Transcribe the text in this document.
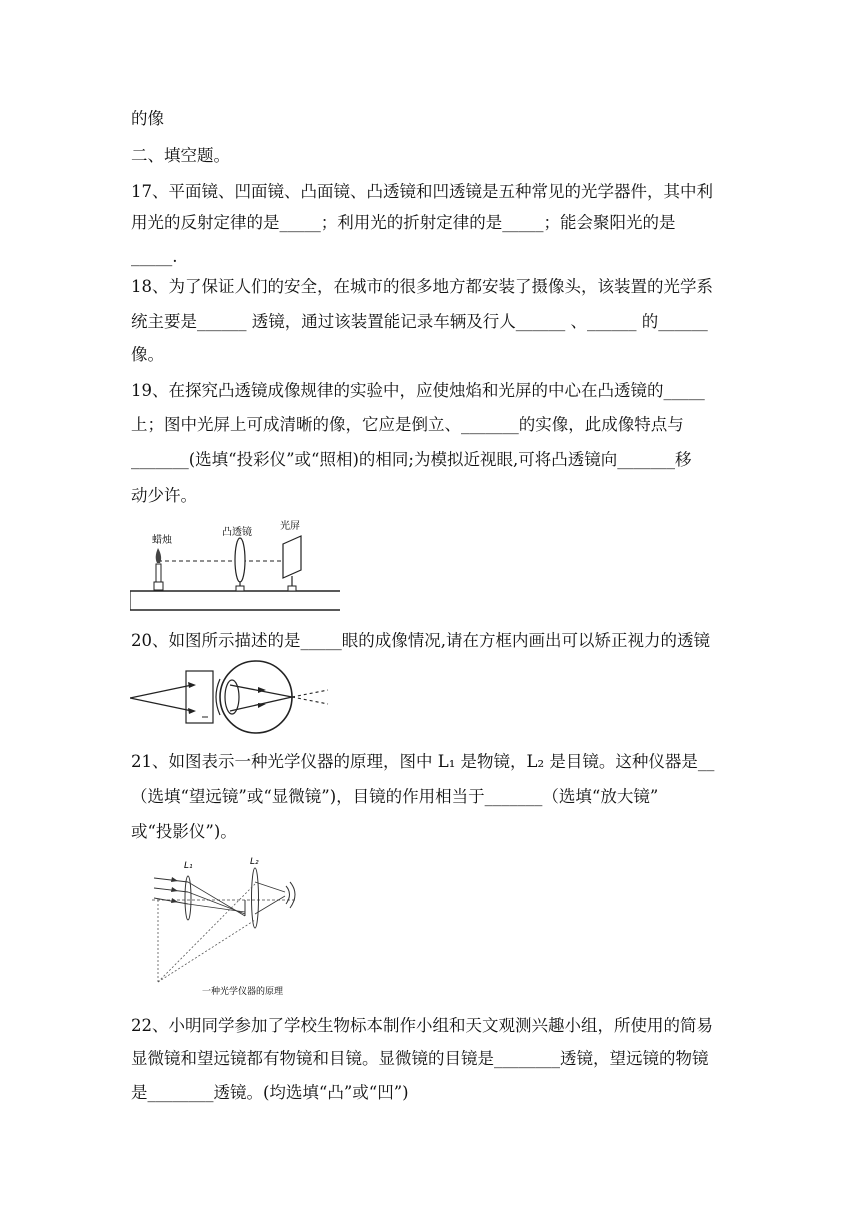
的像
二、填空题。
17、平面镜、凹面镜、凸面镜、凸透镜和凹透镜是五种常见的光学器件，其中利
用光的反射定律的是_____；利用光的折射定律的是_____；能会聚阳光的是
_____.
18、为了保证人们的安全，在城市的很多地方都安装了摄像头，该装置的光学系
统主要是______ 透镜，通过该装置能记录车辆及行人______ 、______ 的______
像。
19、在探究凸透镜成像规律的实验中，应使烛焰和光屏的中心在凸透镜的_____
上；图中光屏上可成清晰的像，它应是倒立、_______的实像，此成像特点与
_______(选填“投彩仪”或“照相)的相同;为模拟近视眼,可将凸透镜向_______移
动少许。
蜡烛
凸透镜
光屏
20、如图所示描述的是_____眼的成像情况,请在方框内画出可以矫正视力的透镜
21、如图表示一种光学仪器的原理，图中 L₁ 是物镜，L₂ 是目镜。这种仪器是__
（选填“望远镜”或“显微镜”)，目镜的作用相当于_______（选填“放大镜”
或“投影仪”)。
L₁	L₂
一种光学仪器的原理
22、小明同学参加了学校生物标本制作小组和天文观测兴趣小组，所使用的简易
显微镜和望远镜都有物镜和目镜。显微镜的目镜是________透镜，望远镜的物镜
是________透镜。(均选填“凸”或“凹”)
